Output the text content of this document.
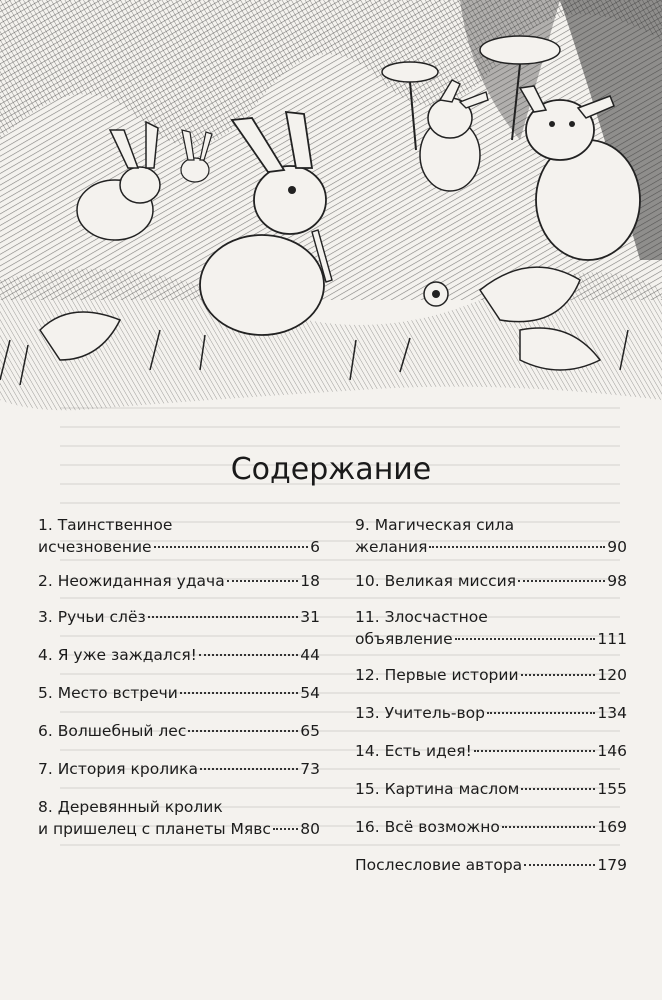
Содержание
1. Таинственное
исчезновение	6
2. Неожиданная удача	18
3. Ручьи слёз	31
4. Я уже заждался!	44
5. Место встречи	54
6. Волшебный лес	65
7. История кролика	73
8. Деревянный кролик
и пришелец с планеты Мявс 80
9. Магическая сила
желания	90
10. Великая миссия	98
11. Злосчастное
объявление	111
12. Первые истории	120
13. Учитель-вор	134
14. Есть идея!	146
15. Картина маслом	155
16. Всё возможно	169
Послесловие автора	179
